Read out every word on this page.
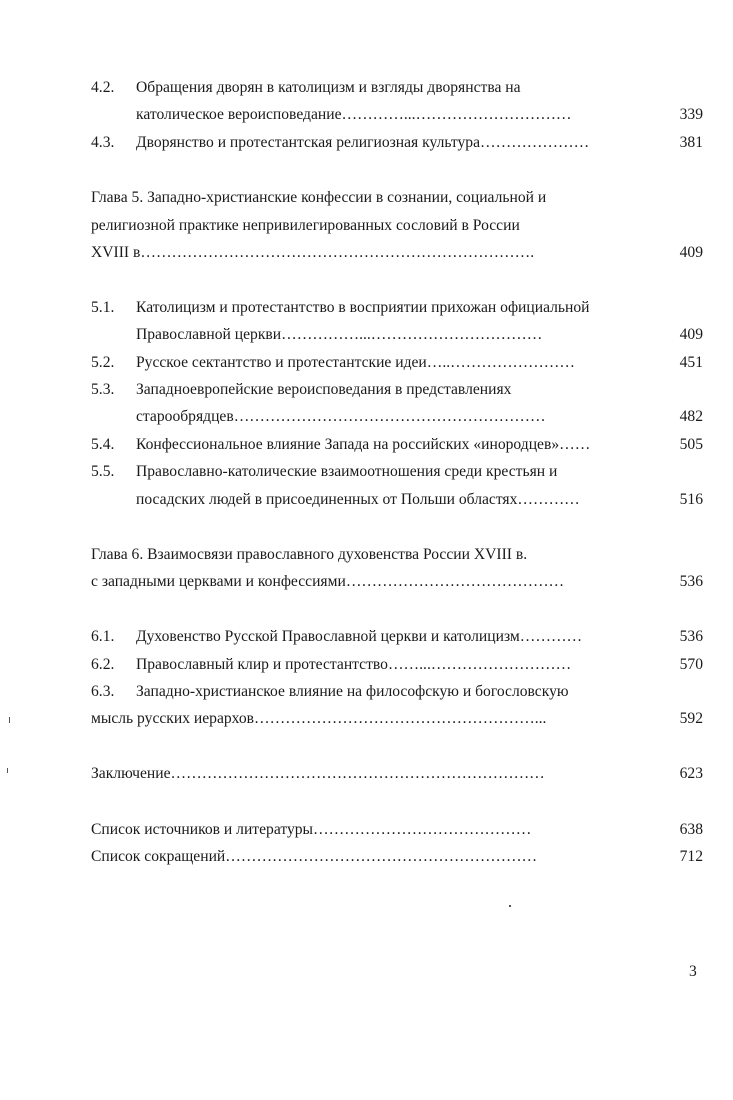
4.2. Обращения дворян в католицизм и взгляды дворянства на
католическое вероисповедание…………...…………………………	339
4.3. Дворянство и протестантская религиозная культура…………………	381
Глава 5. Западно-христианские конфессии в сознании, социальной и
религиозной практике непривилегированных сословий в России
XVIII в………………………………………………………………….	409
5.1. Католицизм и протестантство в восприятии прихожан официальной
Православной церкви……………...……………………………	409
5.2. Русское сектантство и протестантские идеи…..……………………	451
5.3. Западноевропейские вероисповедания в представлениях
старообрядцев……………………………………………………	482
5.4. Конфессиональное влияние Запада на российских «инородцев»……	505
5.5. Православно-католические взаимоотношения среди крестьян и
посадских людей в присоединенных от Польши областях…………	516
Глава 6. Взаимосвязи православного духовенства России XVIII в.
с западными церквами и конфессиями……………………………………	536
6.1. Духовенство Русской Православной церкви и католицизм…………	536
6.2. Православный клир и протестантство……...………………………	570
6.3. Западно-христианское влияние на философскую и богословскую
мысль русских иерархов………………………………………………...	592
Заключение………………………………………………………………	623
Список источников и литературы……………………………………	638
Список сокращений……………………………………………………	712
3
